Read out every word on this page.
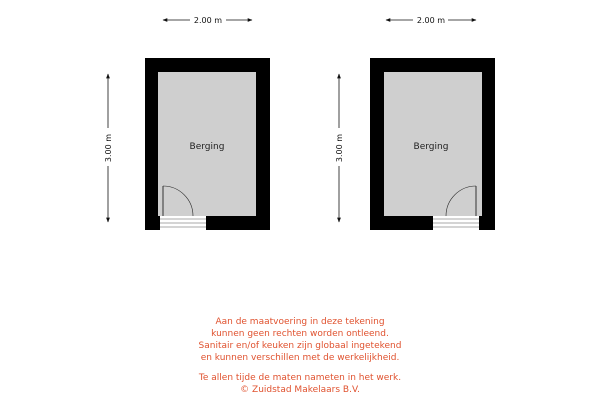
2.00 m
3.00 m	Berging
2.00 m
3.00 m	Berging
Aan de maatvoering in deze tekening
kunnen geen rechten worden ontleend.
Sanitair en/of keuken zijn globaal ingetekend
en kunnen verschillen met de werkelijkheid.
Te allen tijde de maten nameten in het werk.
© Zuidstad Makelaars B.V.
